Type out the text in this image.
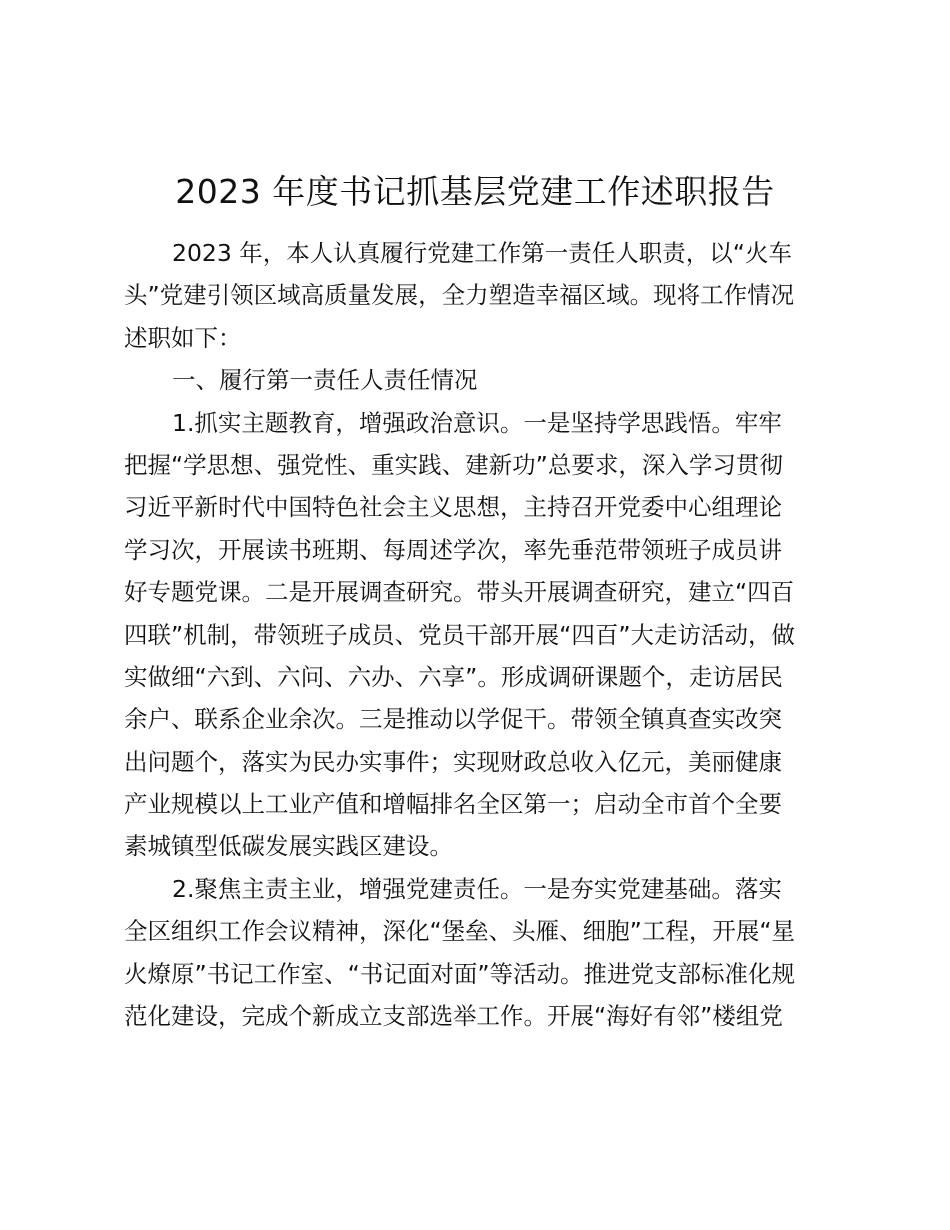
2023 年度书记抓基层党建工作述职报告
2023 年，本人认真履行党建工作第一责任人职责，以“火车
头”党建引领区域高质量发展，全力塑造幸福区域。现将工作情况
述职如下：
一、履行第一责任人责任情况
1.抓实主题教育，增强政治意识。一是坚持学思践悟。牢牢
把握“学思想、强党性、重实践、建新功”总要求，深入学习贯彻
习近平新时代中国特色社会主义思想，主持召开党委中心组理论
学习次，开展读书班期、每周述学次，率先垂范带领班子成员讲
好专题党课。二是开展调查研究。带头开展调查研究，建立“四百
四联”机制，带领班子成员、党员干部开展“四百”大走访活动，做
实做细“六到、六问、六办、六享”。形成调研课题个，走访居民
余户、联系企业余次。三是推动以学促干。带领全镇真查实改突
出问题个，落实为民办实事件；实现财政总收入亿元，美丽健康
产业规模以上工业产值和增幅排名全区第一；启动全市首个全要
素城镇型低碳发展实践区建设。
2.聚焦主责主业，增强党建责任。一是夯实党建基础。落实
全区组织工作会议精神，深化“堡垒、头雁、细胞”工程，开展“星
火燎原”书记工作室、“书记面对面”等活动。推进党支部标准化规
范化建设，完成个新成立支部选举工作。开展“海好有邻”楼组党
